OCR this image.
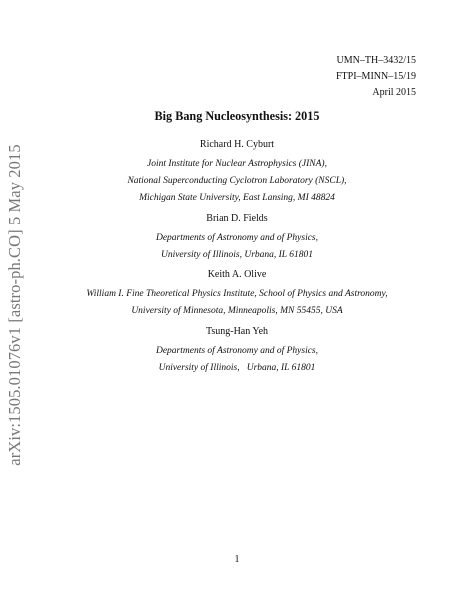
arXiv:1505.01076v1 [astro-ph.CO] 5 May 2015
UMN–TH–3432/15
FTPI–MINN–15/19
April 2015
Big Bang Nucleosynthesis: 2015
Richard H. Cyburt
Joint Institute for Nuclear Astrophysics (JINA),
National Superconducting Cyclotron Laboratory (NSCL),
Michigan State University, East Lansing, MI 48824
Brian D. Fields
Departments of Astronomy and of Physics,
University of Illinois, Urbana, IL 61801
Keith A. Olive
William I. Fine Theoretical Physics Institute, School of Physics and Astronomy,
University of Minnesota, Minneapolis, MN 55455, USA
Tsung-Han Yeh
Departments of Astronomy and of Physics,
University of Illinois,   Urbana, IL 61801
1
